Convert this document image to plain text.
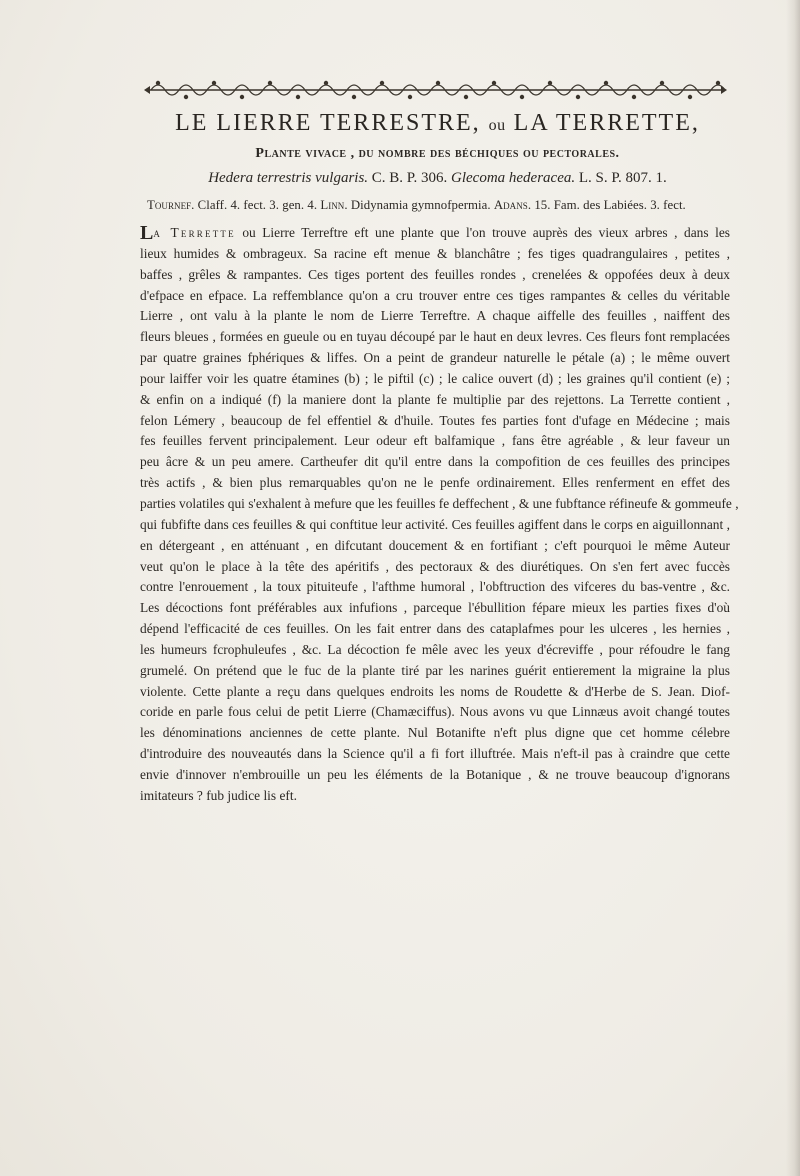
LE LIERRE TERRESTRE, ou LA TERRETTE,
Plante vivace , du nombre des béchiques ou pectorales.
Hedera terrestris vulgaris. C. B. P. 306. Glecoma hederacea. L. S. P. 807. 1.
Tournef. Claff. 4. fect. 3. gen. 4. Linn. Didynamia gymnofpermia. Adans. 15. Fam. des Labiées. 3. fect.
La Terrette ou Lierre Terreftre eft une plante que l'on trouve auprès des vieux arbres , dans les
lieux humides & ombrageux. Sa racine eft menue & blanchâtre ; fes tiges quadrangulaires , petites ,
baffes , grêles & rampantes. Ces tiges portent des feuilles rondes , crenelées & oppofées deux à deux
d'efpace en efpace. La reffemblance qu'on a cru trouver entre ces tiges rampantes & celles du véritable
Lierre , ont valu à la plante le nom de Lierre Terreftre. A chaque aiffelle des feuilles , naiffent des
fleurs bleues , formées en gueule ou en tuyau découpé par le haut en deux levres. Ces fleurs font remplacées
par quatre graines fphériques & liffes. On a peint de grandeur naturelle le pétale (a) ; le même ouvert
pour laiffer voir les quatre étamines (b) ; le piftil (c) ; le calice ouvert (d) ; les graines qu'il contient (e) ;
& enfin on a indiqué (f) la maniere dont la plante fe multiplie par des rejettons. La Terrette contient ,
felon Lémery , beaucoup de fel effentiel & d'huile. Toutes fes parties font d'ufage en Médecine ; mais
fes feuilles fervent principalement. Leur odeur eft balfamique , fans être agréable , & leur faveur un
peu âcre & un peu amere. Cartheufer dit qu'il entre dans la compofition de ces feuilles des principes
très actifs , & bien plus remarquables qu'on ne le penfe ordinairement. Elles renferment en effet des
parties volatiles qui s'exhalent à mefure que les feuilles fe deffechent , & une fubftance réfineufe & gommeufe ,
qui fubfifte dans ces feuilles & qui conftitue leur activité. Ces feuilles agiffent dans le corps en aiguillonnant ,
en détergeant , en atténuant , en difcutant doucement & en fortifiant ; c'eft pourquoi le même Auteur
veut qu'on le place à la tête des apéritifs , des pectoraux & des diurétiques. On s'en fert avec fuccès
contre l'enrouement , la toux pituiteufe , l'afthme humoral , l'obftruction des vifceres du bas-ventre , &c.
Les décoctions font préférables aux infufions , parceque l'ébullition fépare mieux les parties fixes d'où
dépend l'efficacité de ces feuilles. On les fait entrer dans des cataplafmes pour les ulceres , les hernies ,
les humeurs fcrophuleufes , &c. La décoction fe mêle avec les yeux d'écreviffe , pour réfoudre le fang
grumelé. On prétend que le fuc de la plante tiré par les narines guérit entierement la migraine la plus
violente. Cette plante a reçu dans quelques endroits les noms de Roudette & d'Herbe de S. Jean. Diof-
coride en parle fous celui de petit Lierre (Chamæciffus). Nous avons vu que Linnæus avoit changé toutes
les dénominations anciennes de cette plante. Nul Botanifte n'eft plus digne que cet homme célebre
d'introduire des nouveautés dans la Science qu'il a fi fort illuftrée. Mais n'eft-il pas à craindre que cette
envie d'innover n'embrouille un peu les éléments de la Botanique , & ne trouve beaucoup d'ignorans
imitateurs ? fub judice lis eft.
